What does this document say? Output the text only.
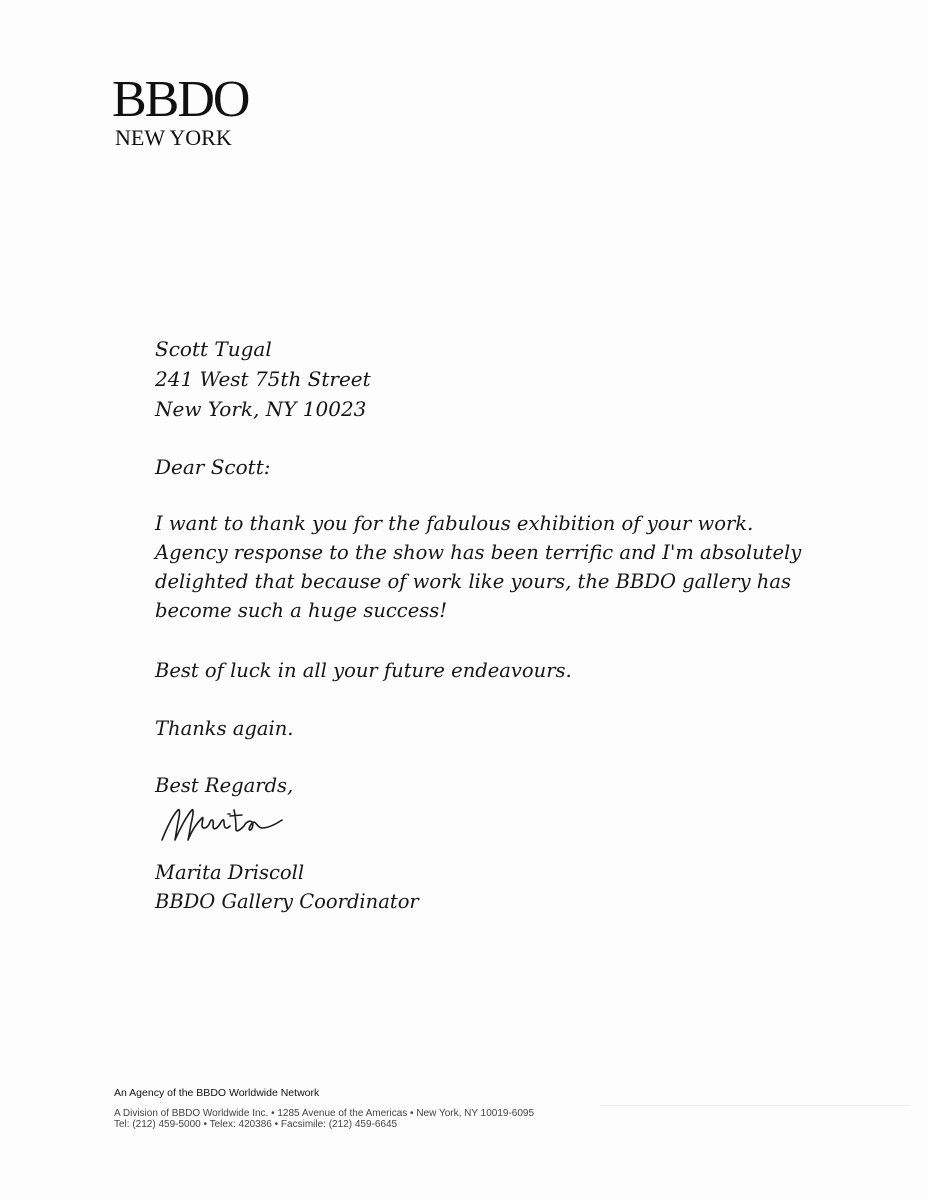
BBDO
NEW YORK
Scott Tugal
241 West 75th Street
New York, NY 10023
Dear Scott:
I want to thank you for the fabulous exhibition of your work.
Agency response to the show has been terrific and I'm absolutely
delighted that because of work like yours, the BBDO gallery has
become such a huge success!
Best of luck in all your future endeavours.
Thanks again.
Best Regards,
Marita Driscoll
BBDO Gallery Coordinator
An Agency of the BBDO Worldwide Network
A Division of BBDO Worldwide Inc. • 1285 Avenue of the Americas • New York, NY 10019-6095
Tel: (212) 459-5000 • Telex: 420386 • Facsimile: (212) 459-6645
